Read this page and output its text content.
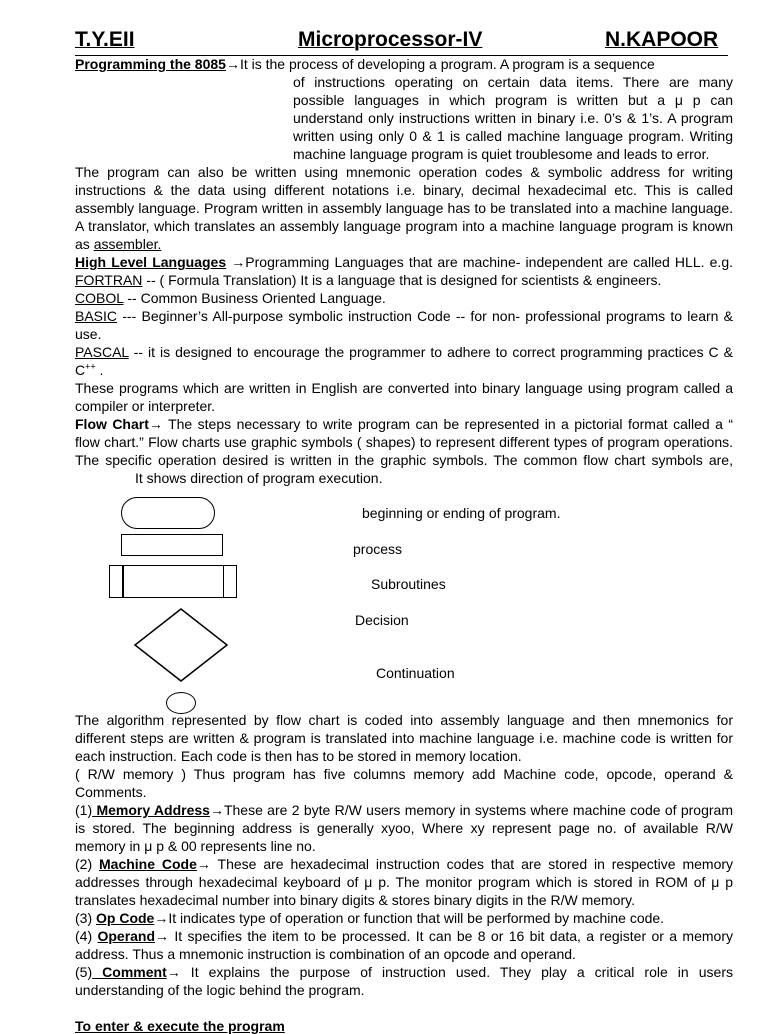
T.Y.EII	Microprocessor-IV	N.KAPOOR

Programming the 8085→It is the process of developing a program. A program is a sequence
of instructions operating on certain data items. There are many possible languages in which program is written but a μ p can understand only instructions written in binary i.e. 0’s & 1’s. A program written using only 0 & 1 is called machine language program. Writing machine language program is quiet troublesome and leads to error.

The program can also be written using mnemonic operation codes & symbolic address for writing instructions & the data using different notations i.e. binary, decimal hexadecimal etc. This is called assembly language. Program written in assembly language has to be translated into a machine language. A translator, which translates an assembly language program into a machine language program is known as assembler.

High Level Languages →Programming Languages that are machine- independent are called HLL. e.g. FORTRAN -- ( Formula Translation) It is a language that is designed for scientists & engineers.

COBOL -- Common Business Oriented Language.

BASIC --- Beginner’s All-purpose symbolic instruction Code -- for non- professional programs to learn & use.

PASCAL -- it is designed to encourage the programmer to adhere to correct programming practices C & C++ .

These programs which are written in English are converted into binary language using program called a compiler or interpreter.

Flow Chart→ The steps necessary to write program can be represented in a pictorial format called a “ flow chart.” Flow charts use graphic symbols ( shapes) to represent different types of program operations. The specific operation desired is written in the graphic symbols. The common flow chart symbols are,It shows direction of program execution.

beginning or ending of program.
process
Subroutines
Decision
Continuation

The algorithm represented by flow chart is coded into assembly language and then mnemonics for different steps are written & program is translated into machine language i.e. machine code is written for each instruction. Each code is then has to be stored in memory location.

( R/W memory ) Thus program has five columns memory add Machine code, opcode, operand & Comments.

(1) Memory Address→These are 2 byte R/W users memory in systems where machine code of program is stored. The beginning address is generally xyoo, Where xy represent page no. of available R/W memory in μ p & 00 represents line no.

(2) Machine Code→ These are hexadecimal instruction codes that are stored in respective memory addresses through hexadecimal keyboard of μ p. The monitor program which is stored in ROM of μ p translates hexadecimal number into binary digits & stores binary digits in the R/W memory.

(3) Op Code→It indicates type of operation or function that will be performed by machine code.

(4) Operand→ It specifies the item to be processed. It can be 8 or 16 bit data, a register or a memory address. Thus a mnemonic instruction is combination of an opcode and operand.

(5) Comment→ It explains the purpose of instruction used. They play a critical role in users understanding of the logic behind the program.

To enter & execute the program
